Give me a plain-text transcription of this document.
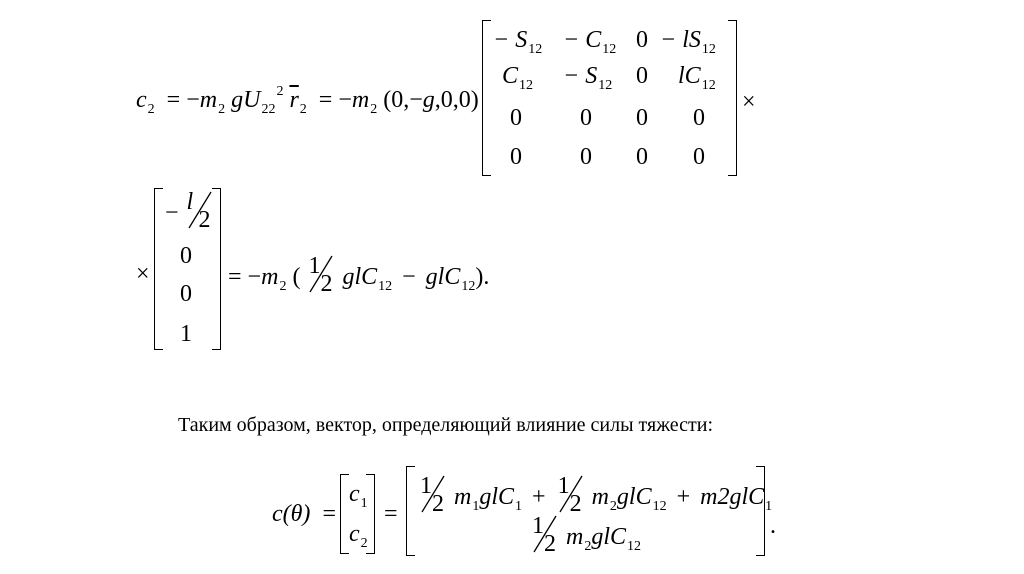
$c_2 = -m_2$ $gU_{22}^2$ $\overline{r}_2 = -m_2$ (0,−g,0,0)	×
− $S_{12} - C_{12}$ $0 - lS_{12}$
$C_{12} - S_{12}$ 0 $lC_{12}$
0 0 0 0
0 0 0 0
×
− l
2
0
0
1
= $-m_2$ ( 1
2 glC$_{12}$ − glC$_{12}$).
Таким образом, вектор, определяющий влияние силы тяжести:
c(θ) =
$c_1$
$c_2$
=
1
2 $m_1glC_1 + 1$
2 $m_2glC_{12} + m2glC_1$
1
2 $m_2glC_{12}$
.
